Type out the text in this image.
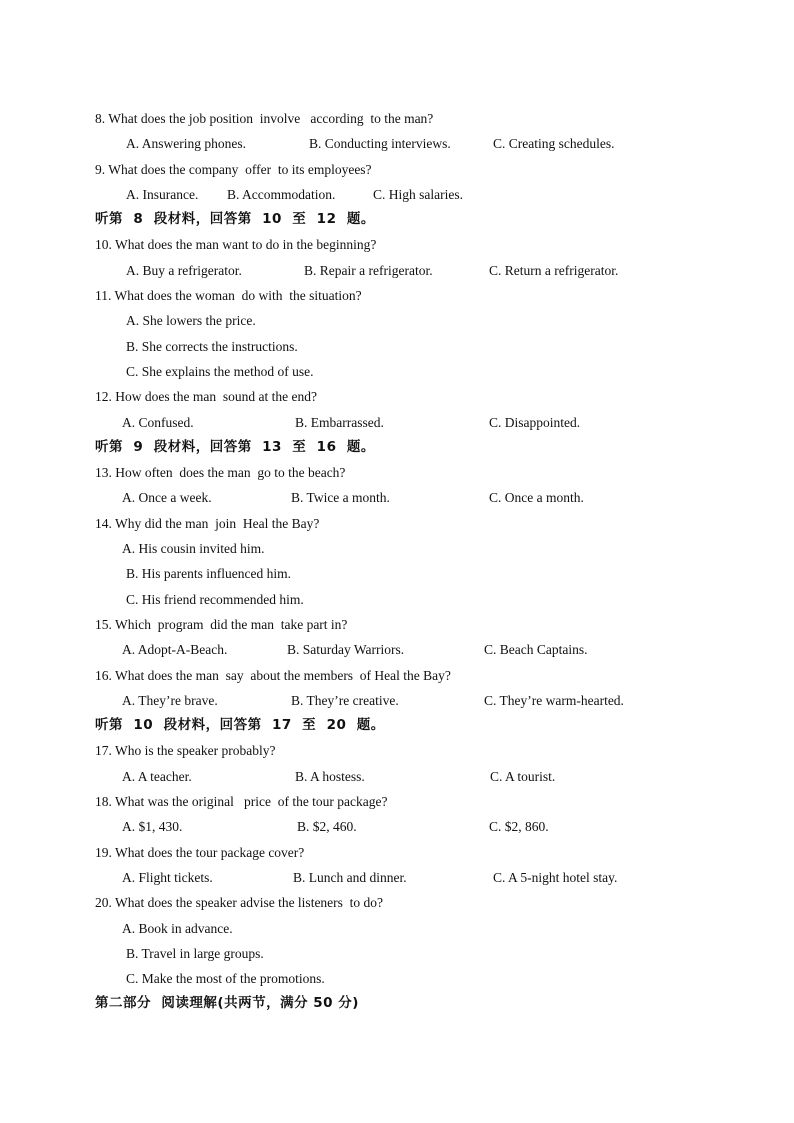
8. What does the job position  involve   according  to the man?
A. Answering phones.	B. Conducting interviews.	C. Creating schedules.
9. What does the company  offer  to its employees?
A. Insurance. B. Accommodation.	C. High salaries.
听第  8  段材料，回答第  10  至  12  题。
10. What does the man want to do in the beginning?
A. Buy a refrigerator.	B. Repair a refrigerator.	C. Return a refrigerator.
11. What does the woman  do with  the situation?
A. She lowers the price.
B. She corrects the instructions.
C. She explains the method of use.
12. How does the man  sound at the end?
A. Confused.	B. Embarrassed.	C. Disappointed.
听第  9  段材料，回答第  13  至  16  题。
13. How often  does the man  go to the beach?
A. Once a week.	B. Twice a month.	C. Once a month.
14. Why did the man  join  Heal the Bay?
A. His cousin invited him.
B. His parents influenced him.
C. His friend recommended him.
15. Which  program  did the man  take part in?
A. Adopt-A-Beach.	B. Saturday Warriors.	C. Beach Captains.
16. What does the man  say  about the members  of Heal the Bay?
A. They’re brave.	B. They’re creative.	C. They’re warm-hearted.
听第  10  段材料，回答第  17  至  20  题。
17. Who is the speaker probably?
A. A teacher.	B. A hostess.	C. A tourist.
18. What was the original   price  of the tour package?
A. $1, 430.	B. $2, 460.	C. $2, 860.
19. What does the tour package cover?
A. Flight tickets.	B. Lunch and dinner.	C. A 5-night hotel stay.
20. What does the speaker advise the listeners  to do?
A. Book in advance.
B. Travel in large groups.
C. Make the most of the promotions.
第二部分  阅读理解(共两节，满分 50 分)
